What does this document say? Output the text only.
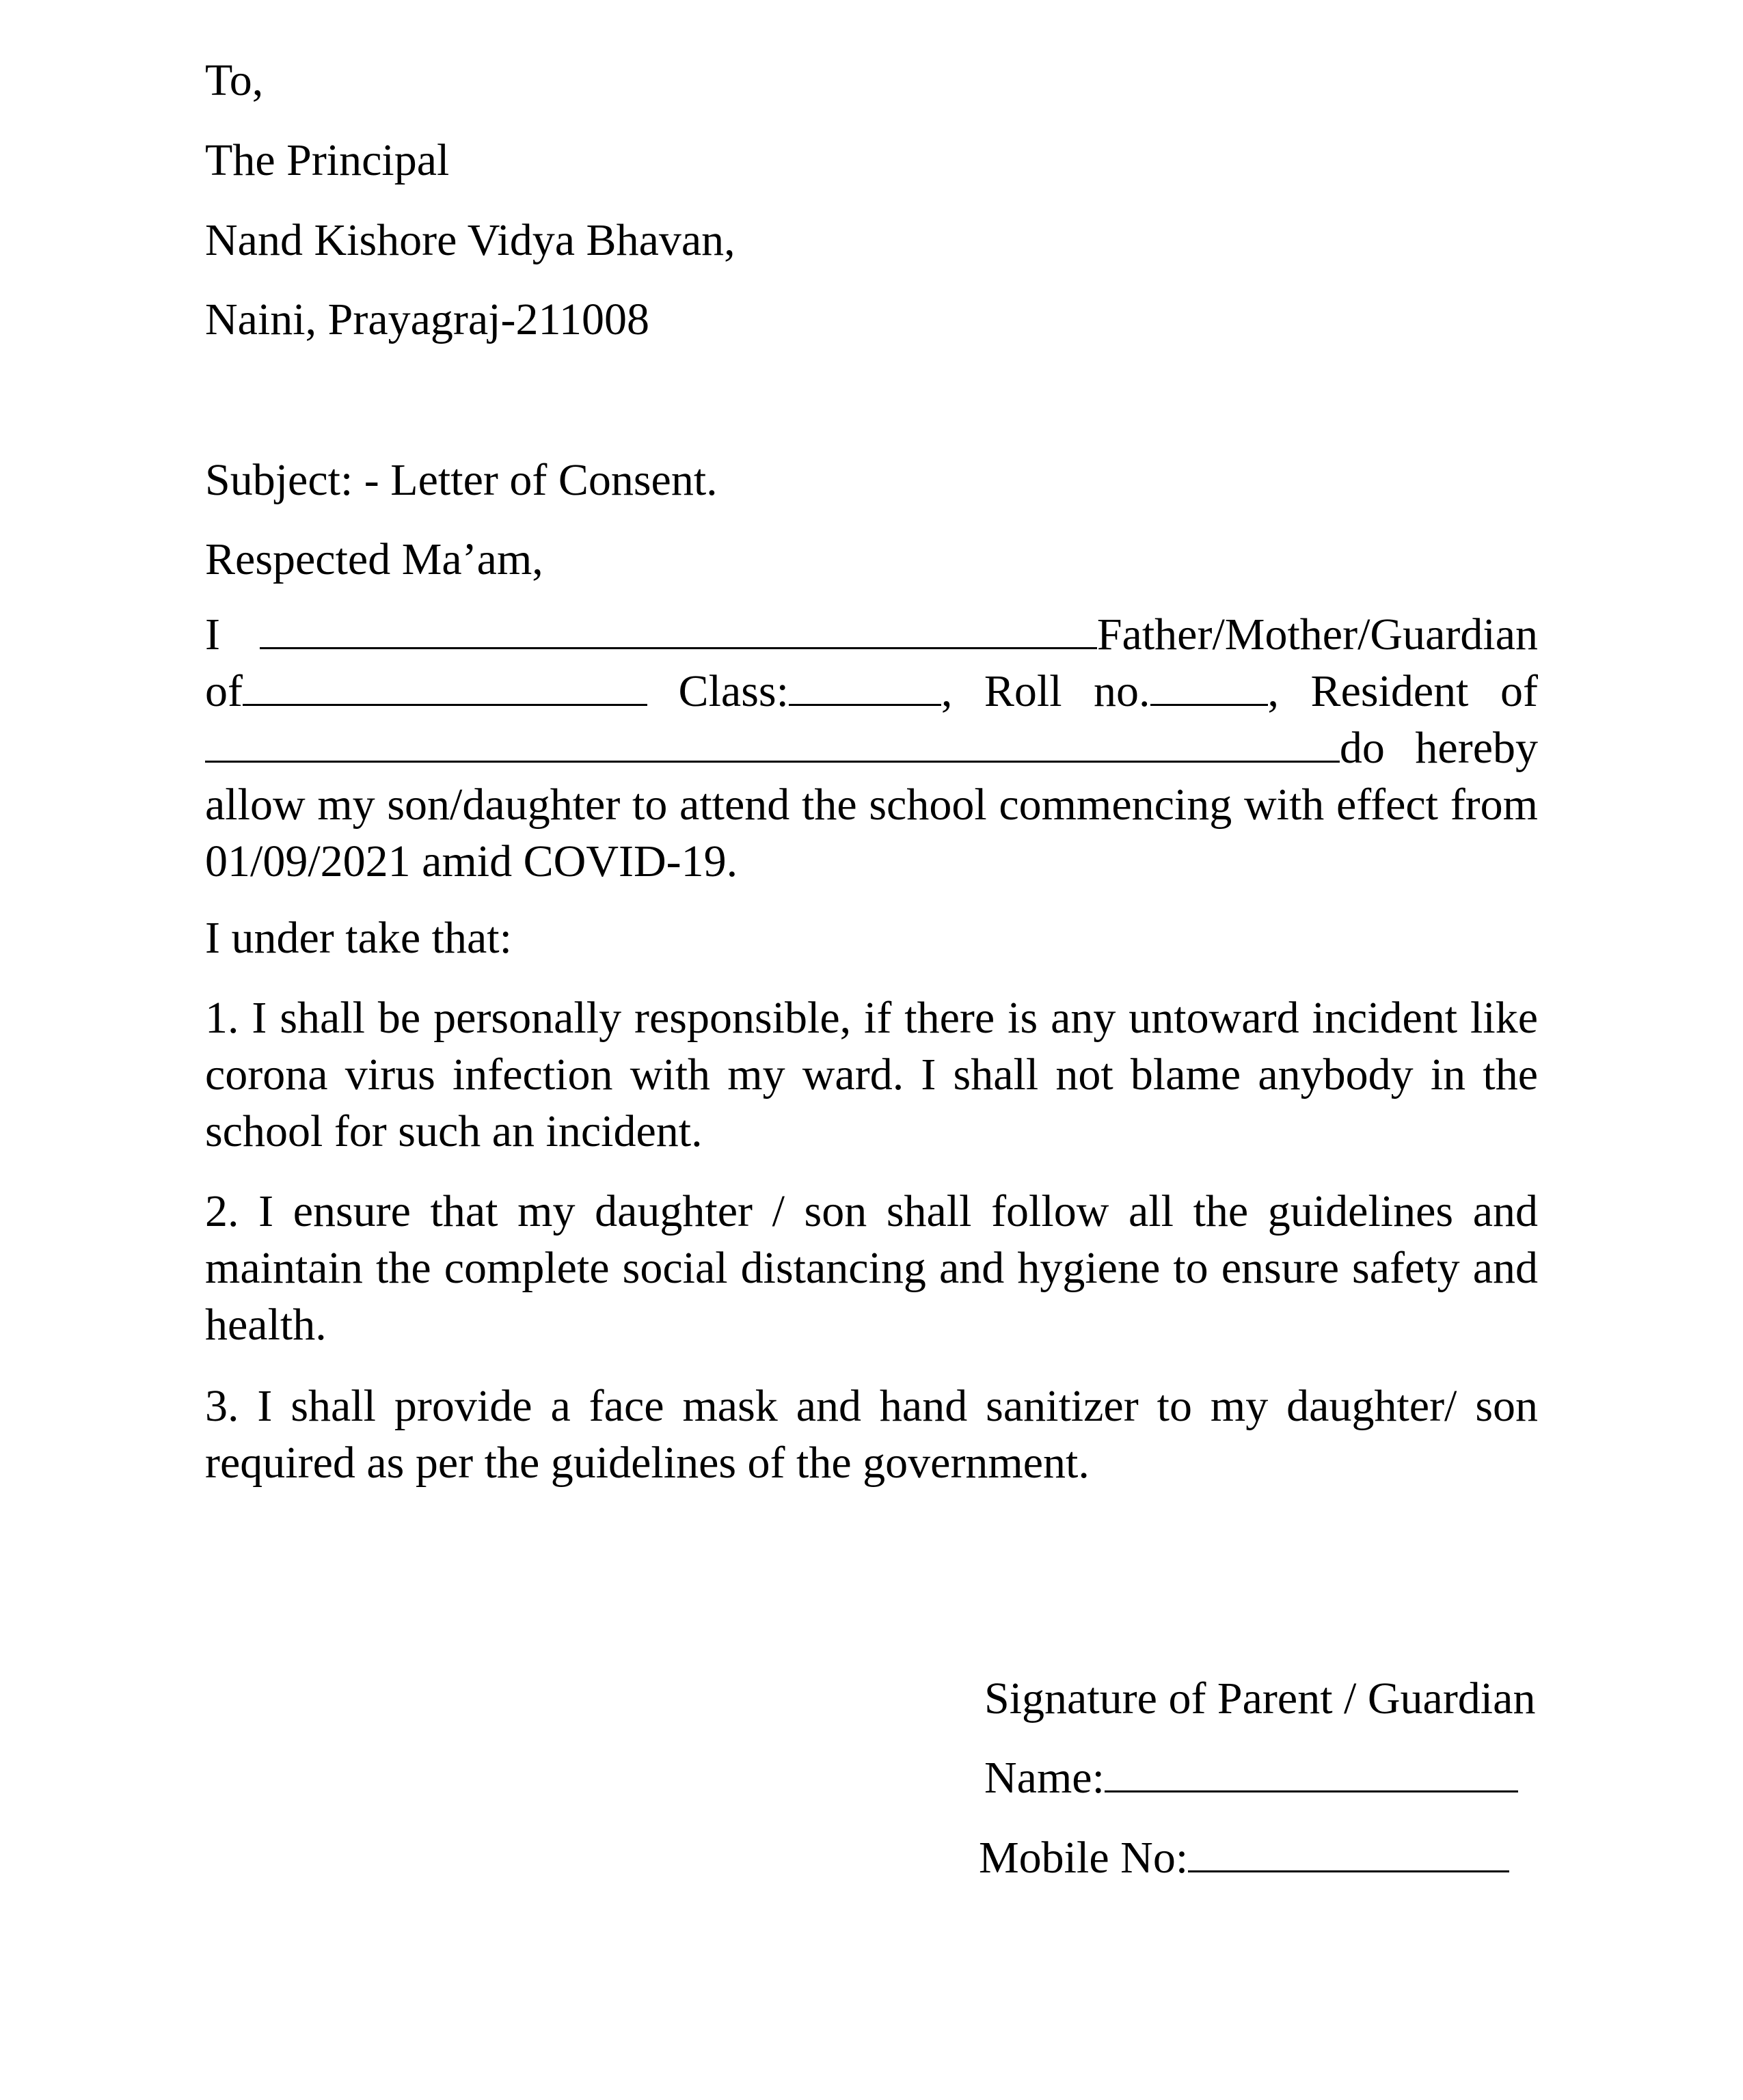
To,
The Principal
Nand Kishore Vidya Bhavan,
Naini, Prayagraj-211008
Subject: - Letter of Consent.
Respected Ma’am,
I	Father/Mother/Guardian
of	Class:	, Roll no.	, Resident of
do hereby

allow my son/daughter to attend the school commencing with effect from 01/09/2021 amid COVID-19.

I under take that:

1. I shall be personally responsible, if there is any untoward incident like corona virus infection with my ward. I shall not blame anybody in the school for such an incident.

2. I ensure that my daughter / son shall follow all the guidelines and maintain the complete social distancing and hygiene to ensure safety and health.

3. I shall provide a face mask and hand sanitizer to my daughter/ son required as per the guidelines of the government.

Signature of Parent / Guardian
Name:
Mobile No:
